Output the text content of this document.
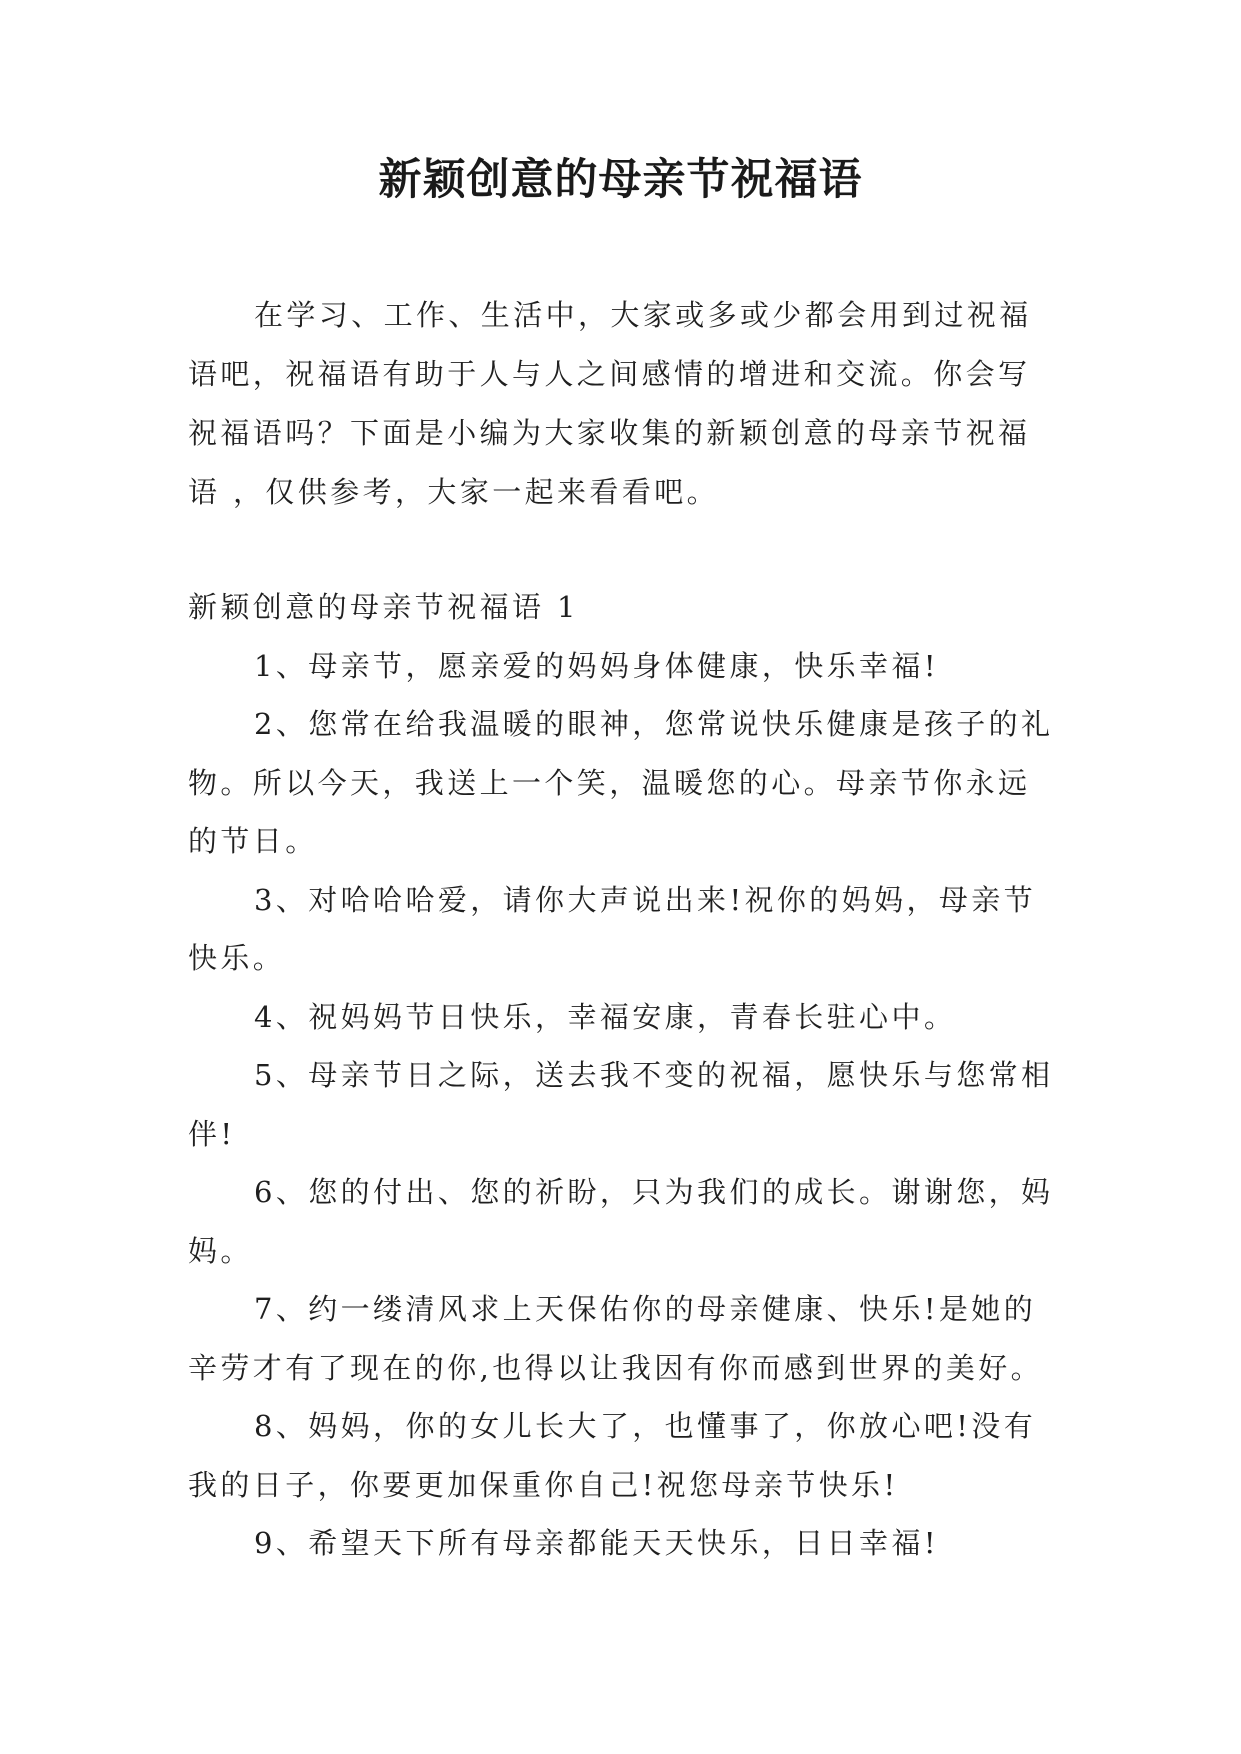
新颖创意的母亲节祝福语

在学习、工作、生活中，大家或多或少都会用到过祝福语吧，祝福语有助于人与人之间感情的增进和交流。你会写祝福语吗？下面是小编为大家收集的新颖创意的母亲节祝福语 ，仅供参考，大家一起来看看吧。

新颖创意的母亲节祝福语 1

1、母亲节，愿亲爱的妈妈身体健康，快乐幸福!

2、您常在给我温暖的眼神，您常说快乐健康是孩子的礼物。所以今天，我送上一个笑，温暖您的心。母亲节你永远的节日。

3、对哈哈哈爱，请你大声说出来!祝你的妈妈，母亲节快乐。

4、祝妈妈节日快乐，幸福安康，青春长驻心中。

5、母亲节日之际，送去我不变的祝福，愿快乐与您常相伴!

6、您的付出、您的祈盼，只为我们的成长。谢谢您，妈妈。

7、约一缕清风求上天保佑你的母亲健康、快乐!是她的辛劳才有了现在的你,也得以让我因有你而感到世界的美好。

8、妈妈，你的女儿长大了，也懂事了，你放心吧!没有我的日子，你要更加保重你自己!祝您母亲节快乐!

9、希望天下所有母亲都能天天快乐，日日幸福!
